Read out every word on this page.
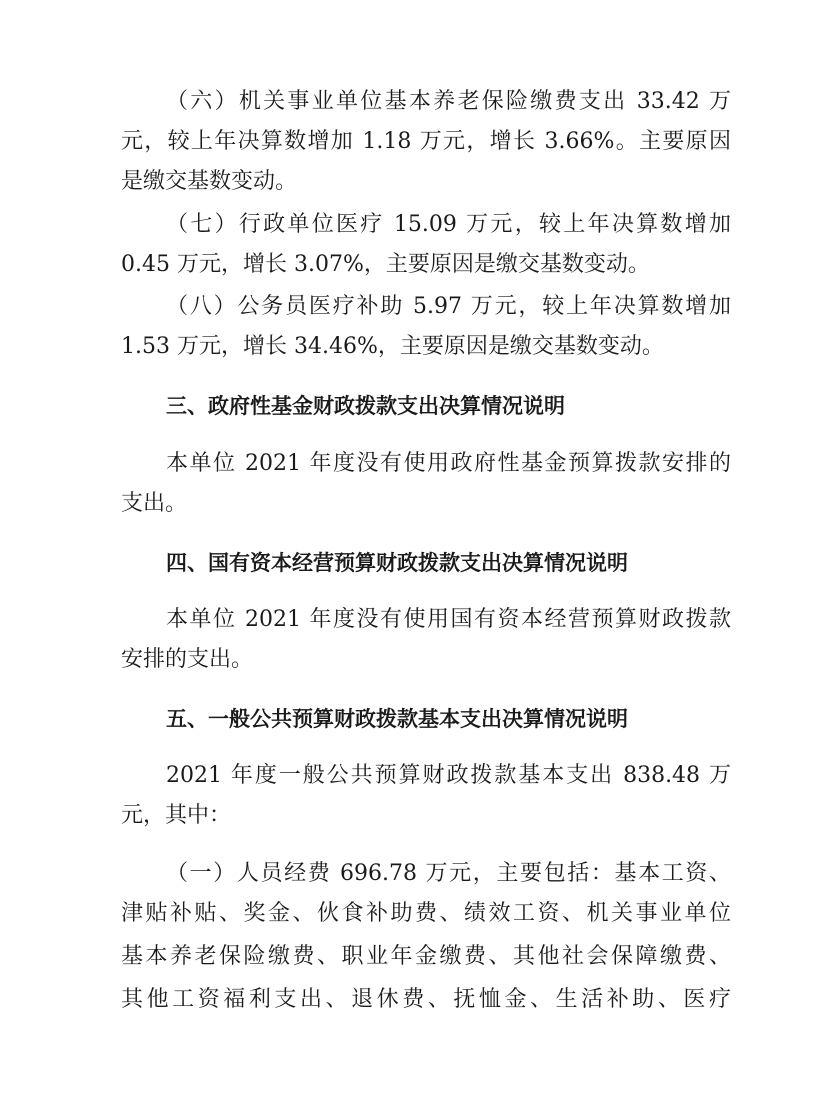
（六）机关事业单位基本养老保险缴费支出 33.42 万
元，较上年决算数增加 1.18 万元，增长 3.66%。主要原因
是缴交基数变动。
（七）行政单位医疗 15.09 万元，较上年决算数增加
0.45 万元，增长 3.07%，主要原因是缴交基数变动。
（八）公务员医疗补助 5.97 万元，较上年决算数增加
1.53 万元，增长 34.46%，主要原因是缴交基数变动。
三、政府性基金财政拨款支出决算情况说明
本单位 2021 年度没有使用政府性基金预算拨款安排的
支出。
四、国有资本经营预算财政拨款支出决算情况说明
本单位 2021 年度没有使用国有资本经营预算财政拨款
安排的支出。
五、一般公共预算财政拨款基本支出决算情况说明
2021 年度一般公共预算财政拨款基本支出 838.48 万
元，其中：
（一）人员经费 696.78 万元，主要包括：基本工资、
津贴补贴、奖金、伙食补助费、绩效工资、机关事业单位
基本养老保险缴费、职业年金缴费、其他社会保障缴费、
其他工资福利支出、退休费、抚恤金、生活补助、医疗
